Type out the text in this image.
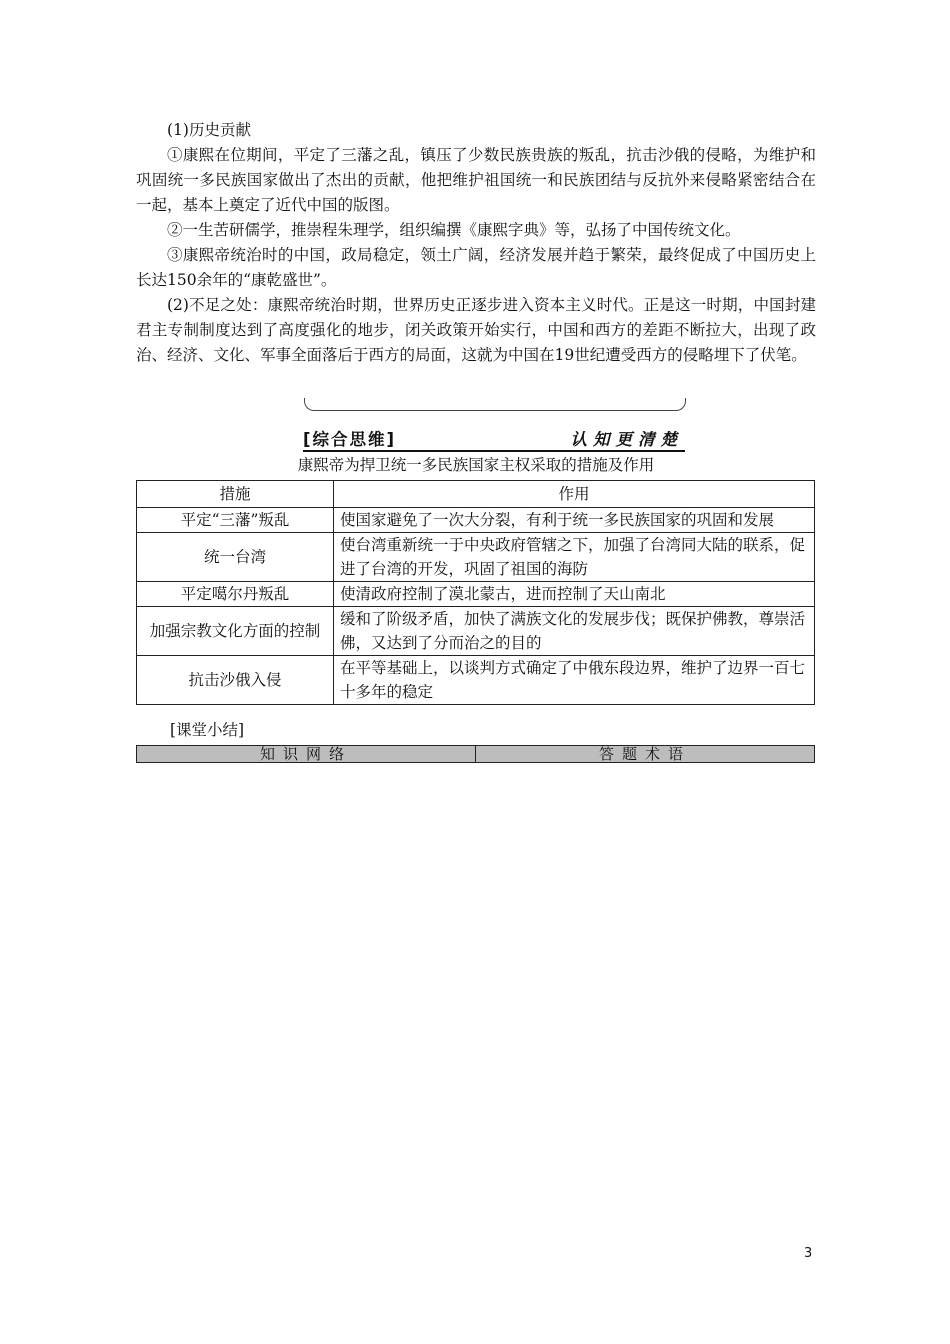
(1)历史贡献

①康熙在位期间，平定了三藩之乱，镇压了少数民族贵族的叛乱，抗击沙俄的侵略，为维护和巩固统一多民族国家做出了杰出的贡献，他把维护祖国统一和民族团结与反抗外来侵略紧密结合在一起，基本上奠定了近代中国的版图。

②一生苦研儒学，推崇程朱理学，组织编撰《康熙字典》等，弘扬了中国传统文化。

③康熙帝统治时的中国，政局稳定，领土广阔，经济发展并趋于繁荣，最终促成了中国历史上长达150余年的“康乾盛世”。

(2)不足之处：康熙帝统治时期，世界历史正逐步进入资本主义时代。正是这一时期，中国封建君主专制制度达到了高度强化的地步，闭关政策开始实行，中国和西方的差距不断拉大，出现了政治、经济、文化、军事全面落后于西方的局面，这就为中国在19世纪遭受西方的侵略埋下了伏笔。

[综合思维]	认知更清楚
康熙帝为捍卫统一多民族国家主权采取的措施及作用
措施	作用
平定“三藩”叛乱	使国家避免了一次大分裂，有利于统一多民族国家的巩固和发展
统一台湾	使台湾重新统一于中央政府管辖之下，加强了台湾同大陆的联系，促进了台湾的开发，巩固了祖国的海防
平定噶尔丹叛乱	使清政府控制了漠北蒙古，进而控制了天山南北
加强宗教文化方面的控制	缓和了阶级矛盾，加快了满族文化的发展步伐；既保护佛教，尊崇活佛，又达到了分而治之的目的
抗击沙俄入侵	在平等基础上，以谈判方式确定了中俄东段边界，维护了边界一百七十多年的稳定
[课堂小结]
知识网络	答题术语
3
